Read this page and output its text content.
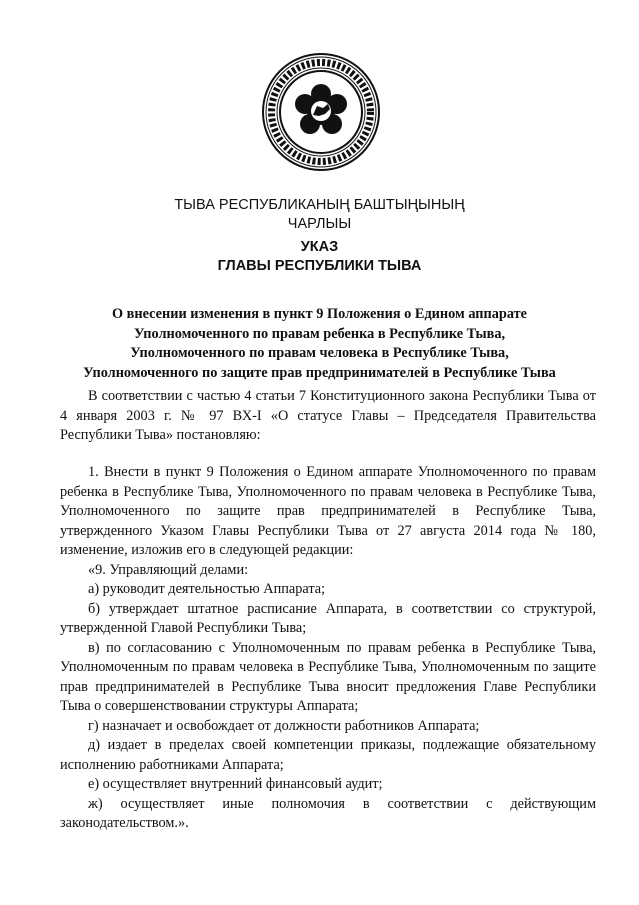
ТЫВА РЕСПУБЛИКАНЫҢ БАШТЫҢЫНЫҢ
ЧАРЛЫЫ
УКАЗ
ГЛАВЫ РЕСПУБЛИКИ ТЫВА
О внесении изменения в пункт 9 Положения о Едином аппарате
Уполномоченного по правам ребенка в Республике Тыва,
Уполномоченного по правам человека в Республике Тыва,
Уполномоченного по защите прав предпринимателей в Республике Тыва

В соответствии с частью 4 статьи 7 Конституционного закона Республики Тыва от 4 января 2003 г. № 97 ВХ-I «О статусе Главы – Председателя Правительства Республики Тыва» постановляю:

1. Внести в пункт 9 Положения о Едином аппарате Уполномоченного по правам ребенка в Республике Тыва, Уполномоченного по правам человека в Республике Тыва, Уполномоченного по защите прав предпринимателей в Республике Тыва, утвержденного Указом Главы Республики Тыва от 27 августа 2014 года № 180, изменение, изложив его в следующей редакции:

«9. Управляющий делами:

а) руководит деятельностью Аппарата;

б) утверждает штатное расписание Аппарата, в соответствии со структурой, утвержденной Главой Республики Тыва;

в) по согласованию с Уполномоченным по правам ребенка в Республике Тыва, Уполномоченным по правам человека в Республике Тыва, Уполномоченным по защите прав предпринимателей в Республике Тыва вносит предложения Главе Республики Тыва о совершенствовании структуры Аппарата;

г) назначает и освобождает от должности работников Аппарата;

д) издает в пределах своей компетенции приказы, подлежащие обязательному исполнению работниками Аппарата;

е) осуществляет внутренний финансовый аудит;

ж) осуществляет иные полномочия в соответствии с действующим законодательством.».
